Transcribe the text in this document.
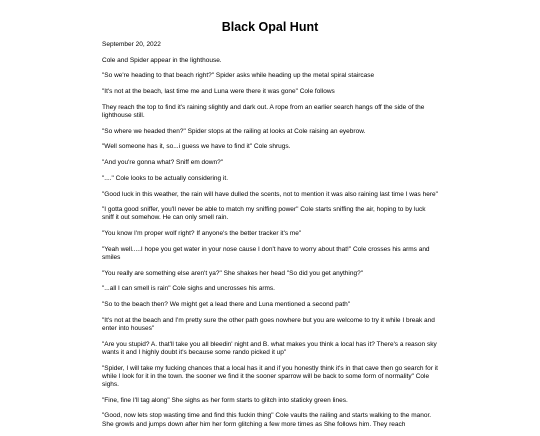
Black Opal Hunt

September 20, 2022

Cole and Spider appear in the lighthouse.

"So we're heading to that beach right?" Spider asks while heading up the metal spiral staircase

"It's not at the beach, last time me and Luna were there it was gone" Cole follows

They reach the top to find it's raining slightly and dark out. A rope from an earlier search hangs off the side of the lighthouse still.

"So where we headed then?" Spider stops at the railing at looks at Cole raising an eyebrow.

"Well someone has it, so...i guess we have to find it" Cole shrugs.

"And you're gonna what? Sniff em down?"

"...." Cole looks to be actually considering it.

"Good luck in this weather, the rain will have dulled the scents, not to mention it was also raining last time I was here"

"I gotta good sniffer, you'll never be able to match my sniffing power" Cole starts sniffing the air, hoping to by luck sniff it out somehow. He can only smell rain.

"You know I'm proper wolf right? If anyone's the better tracker it's me"

"Yeah well.....I hope you get water in your nose cause I don't have to worry about that!" Cole crosses his arms and smiles

"You really are something else aren't ya?" She shakes her head "So did you get anything?"

"...all I can smell is rain" Cole sighs and uncrosses his arms.

"So to the beach then? We might get a lead there and Luna mentioned a second path"

"It's not at the beach and I'm pretty sure the other path goes nowhere but you are welcome to try it while I break and enter into houses"

"Are you stupid? A. that'll take you all bleedin' night and B. what makes you think a local has it? There's a reason sky wants it and I highly doubt it's because some rando picked it up"

"Spider, I will take my fucking chances that a local has it and if you honestly think it's in that cave then go search for it while I look for it in the town. the sooner we find it the sooner sparrow will be back to some form of normality" Cole sighs.

"Fine, fine I'll tag along" She sighs as her form starts to glitch into staticky green lines.

"Good, now lets stop wasting time and find this fuckin thing" Cole vaults the railing and starts walking to the manor. She growls and jumps down after him her form glitching a few more times as She follows him. They reach
